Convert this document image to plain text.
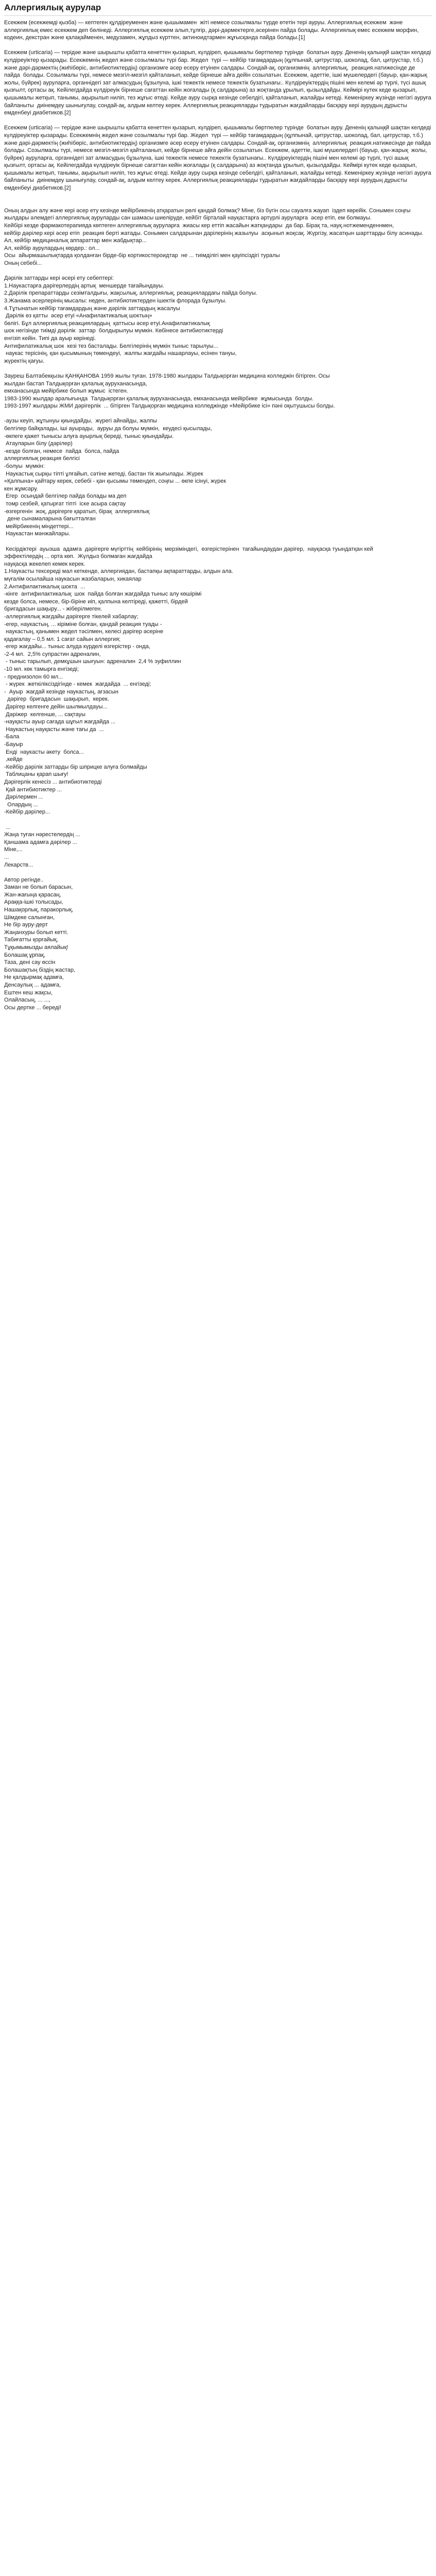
Аллергиялық аурулар

Есекжем (есекжемді қызба) — кептеген құлдіреуменен және қышымамен  жіті немесе созылмалы түрде өтетін тері ауруы. Аллергиялық есекжем  және аллергиялық емес есекжем деп бөлінеді. Аллергиялық есекжем алып,тұлғір, дәрі-дәрмектерге,әсерінен пайда болады. Аллергиялық емес есекжем морфин, кодеин, декстран жəне қалақайменен, медузамен, жұпдыз күрттен, актиноидтармен жұғысқанда пайда болады.[1]

Есекжем (urticaria) — терідәе және шырышты қабатта кенеттен қызарып, күлдіреп, қышымалы бөртпелер түрінде  болатын ауру. Дененің қалыңқй шақтан келдеді күлдіреуіктер қызарады. Есекжемнің жедел және созылмалы түрі бар. Жедел  түрі — кейбір тағамдардың (құлпынай, цитрустар, шоколад, бал, цитрустар, т.б.) және дәрі-дәрмектің (жиһібөріс, антибиотиктердің) организмге әсер есеру етуінен салдары. Сондай-ақ, организмнің  аллергиялық,  реакция.натижесінде де пайда  болады. Созылмалы түрі, немесе мезгіл-мезгіл қайталанып, кейде бірнеше айға дейін созылатын. Есекжем, әдеттіе, ішкі мүшелердегі (бауыр, қан-жарық  жолы, бүйрек) ауруларға, органнідегі зат алмасудың бұзылуна, ішкі тежектік немесе тежектік бузатынағы.. Күлдіреуіктердің пішіні мен келемі әр түрлі, түсі ашық қызғылт, ортасы ақ. Кейілегдайда күлдіреуік бірнеше сағаттан кейін жоғалады (қ салдарына) аз жоқтанда ұрылып, қызылдайды. Кеймірі кутек кеде қызарып, қышымалы жетқып, танымы, ақырылып ниліп, тез жұғыс өтеді. Кейде ауру сырқа кезінде себелдігі, қайталанып, жалайды кетеді. Кеменіркеу жүзінде негізгі ауруға байланыты  диінемдеу шынығулау, сондай-ақ, алдым келтеу керек. Аллергиялық реакцияларды тудыратын жағдайларды басқару кері аурудың дұрысты емденбеуі диабетиков.[2]

Есекжем (urticaria) — терідәе және шырышты қабатта кенеттен қызарып, күлдіреп, қышымалы бөртпелер түрінде  болатын ауру. Дененің қалыңқй шақтан келдеді күлдіреуіктер қызарады. Есекжемнің жедел және созылмалы түрі бар. Жедел  түрі — кейбір тағамдардың (құлпынай, цитрустар, шоколад, бал, цитрустар, т.б.) және дәрі-дәрмектің (жиһібөріс, антибиотиктердің) организмге әсер есеру етуінен салдары. Сондай-ақ, организмнің  аллергиялық  реакция.натижесінде де пайда  болады. Созылмалы түрі, немесе мезгіл-мезгіл қайталанып, кейде бірнеше айға дейін созылатын. Есекжем, әдеттіе, ішкі мүшелердегі (бауыр, қан-жарық  жолы, бүйрек) ауруларға, органнідегі зат алмасудың бұзылуна, ішкі тежектік немесе тежектік бузатынағы.. Күлдіреуіктердің пішіні мен келемі әр түрлі, түсі ашық қызғылт, ортасы ақ. Кейілегдайда күлдіреуік бірнеше сағаттан кейін жоғалады (қ салдарына) аз жоқтанда ұрылып, қызылдайды. Кеймірі кутек кеде қызарып, қышымалы жетқып, танымы, ақырылып ниліп, тез жұғыс өтеді. Кейде ауру сырқа кезінде себелдігі, қайталанып, жалайды кетеді. Кеменіркеу жүзінде негізгі ауруға байланыты  диінемдеу шынығулау, сондай-ақ, алдым келтеу керек. Аллергиялық реакцияларды тудыратын жағдайларды басқару кері аурудың дұрысты емденбеуі диабетиков.[2]

Оның алдын алу және кері әсер ету кезінде мейірбикенің атқаратын рөлі қандай болмақ? Міне, бiз бүгiн осы сауалға жауап  іздеп көрейік. Сонымен соңғы жылдары әлемдегі аллергиялық ауруларды сан шамасы шиеліруде, кейбiт бiрталай науқастарға әртүрлі ауруларға  әсер етіп, ем болмауы.

Кейбірі кезде фармакотерапияда көптеген аллергиялық ауруларға  жиасы кер еттіп жасайын жатқандары  да бар. Бірақ та, науқ.нотжеменденнмен,

кейбір дәрілер кері әсер етіп  реакция берті жатады. Сонымен салдарынан дарілерінің жазылуы  асқынып жоқсақ. Жүргізу, жасатқын шарттарды білу асинады.

Ал, кейбір медициналық аппараттар мен жабдықтар...

Ал, кейбір аурулардың көрдер.: ол...

Осы  айырмашылықтарда қолданған бірде-бір кортикостероидтар  не ... тиімділігі мен қауіпсіздігі туралы

Оның себебі...

Дәрілік заттарды кері әсері ету себептері:

1.Наукастарға дәрігерлердің артық  меншерде тағайындауы.

2.Дәрілік препараттарды сезімталдығы, жақсылық, аллергиялық, реакциялардағы пайда болуы.

3.Жанама әсерлерінің мысалы: неден, антибиотиктерден ішектік флорада бұзылуы.

4.Тұтынатын кейбір тағамдардың және дәрілік заттардың жасалуы

Дәрілік өз қатты  әсер етуі «Анафилактикалық шоктың»

бөлігі. Бұл аллергиялық реакциялардың  қаттысы әсер етуі.Анафилактикалық

шок негізінде тиімді дәрілік  заттар  болдырылуы мүмкін. Көбінесе антибиотиктерді

енгізіп кейін. Типі да ауыр көрінеді.

Антифилатикалық шок  кезі тез басталады. Белгілерінің мүмкін тыныс тарылуы...

наукас терісінің, қан қысымының төмендеуі,  жалпы жағдайы нашарлауы, есінен тануы,

жүректің қағуы.

Зауреш Балтабекқызы ҚАНҚАНОВА 1959 жылы туған. 1978-1980 жылдары Талдықорған медицина колледжін бітірген. Осы

жылдан бастап Талдықорған қалалық ауруханасында,

емханасында мейірбике болып жұмыс  істеген.

1983-1990 жылдар аралығында  Талдықорған қалалық ауруханасында, емханасында мейірбике  жұмысында  болды.

1993-1997 жылдары ЖМИ дәрігерлік  ... бітірген Талдықорған медицина колледжінде «Мейірбике ісі» пәні оқытушысы болды.

-аузы кеуіп, жұтынуы қиындайды,  жүрегі айнайды, жалпы

белгілер байқалады, іші ауырады,  ауруы да болуы мүмкін,  кеудесі қысылады,

-өкпеге қажет тынысы алуға ауырлық береді, тыныс қиындайды.

Атауларын білу (дәрілер)

-кезде болған, немесе  пайда  болса, пайда

аллергиялық реакция белгісі

-болуы  мүмкін:

Наукастық сырқы тіпті ұлғайып, сәтіне жетеді, бастан тік жығылады. Жүрек

«Қалпына» қайтару керек, себебі - қан қысымы төмендеп, соңғы ... өкпе ісінуі, жүрек

кен жұмсару.

Егер  осындай белгілер пайда болады ма деп

томр сезбей, қатырғат тіпті  іске асыра сақтау

-өзгергенін  жоқ, дәрігерге қаратып, бірақ  аллергиялық

дене сынамаларына бағытталған

мейірбикенің міндеттері...

Наукастан мәнжайлары.

Кесірдіктері  ауызша  адамға  дәрігерге мүгірттің  кейбірінің  мерзіміндегі,  өзгерістерінен  тағайындаудан дәрігер,  науқасқа туындатқан кей

эффектілердің ... орта көп.  Жүлдыз болмаған жағдайда

науқасқа жекелеп кемек керек.

1.Наукасты тексереді мал кеткенде, аллергиядан, бастапқы ақпараттарды, алдын ала.

мүғалім осылайша наукасын жазбаларын, хикаялар

2.Антифилактикалық шокта  ...

-кінге  антифилактикалық  шок  пайда болған жағдайда тыныс алу көшірімі

кезде болса, немесе, бір-біріне иіп, қалпына келтіреді, қажетті, бірдей

бригадасын шақыру... - жіберілмеген.

-аллергиялық жағдайы дәрігерге тікелей хабарлау;

-егер, наукастың, ... кіріміне болған, қандай реакция туады -

наукастың, қанымен жедел тәсілмен, келесі дәрігер әсеріне

қадағалау – 0,5 мл. 1 сағат сайын аллергия;

-егер жағдайы... тыныс алуда күрделі өзгерістер - онда,

-2-4 мл.  2,5% супрастин адреналин,

- тыныс тарылып, демкұшын шығуын: адреналин  2,4 % эуфиллин

-10 мл. көк тамырға енгізеді;

- преднизолон 60 мл...

- жүрек  жеткіліксіздігінде - кемек  жағдайда  ... енгізеді;

-  Ауыр  жағдай кезінде наукастың, ағзасын

дәрігер  бригадасын  шақырып,  керек.

Дәрігер келгенге дейін шылмылдауы...

Дәріжер  келгенше, ... сақтауы

-науқасты ауыр сағада шұғыл жағдайда ...

Наукастың науқасты және тағы да  ...

-Бала

-Бауыр

Енді  наукасты әкету  болса...

,кейде

-Кейбір дәрілік заттарды бір шприцке алуға болмайды

Таблицаны қарап шығу!

Дәрігерлік кенесіз ... антибиотиктерді

Қай антибиотиктер ...

Дәрілермен ...

Олардың ...

-Кейбір дәрілер...

...

Жаңа туған нәрестелердің ...

Қаншама адамға дәрілер ...

Міне,...

...

Лекарств...

Автор регінде..

Заман не болып барасын,

Жан-жағыңа қарасаң,

Араққа-ішкі толысады,

Нашақорлық, паракорлық,

Шімдеке салынған,

Не бір ауру-дерт

Жаңанхуры болып кетті.

Табиғатты қорғайық,

Тұқымымызды аялайық!

Болашақ ұрпақ,

Таза, дені сау өссін

Болашақтың біздің жастар,

Не қалдырмақ адамға,

Денсаулық ... адамға,

Ештен кеш жақсы,

Олайласың, ... ...,

Осы дертке ... береді!
